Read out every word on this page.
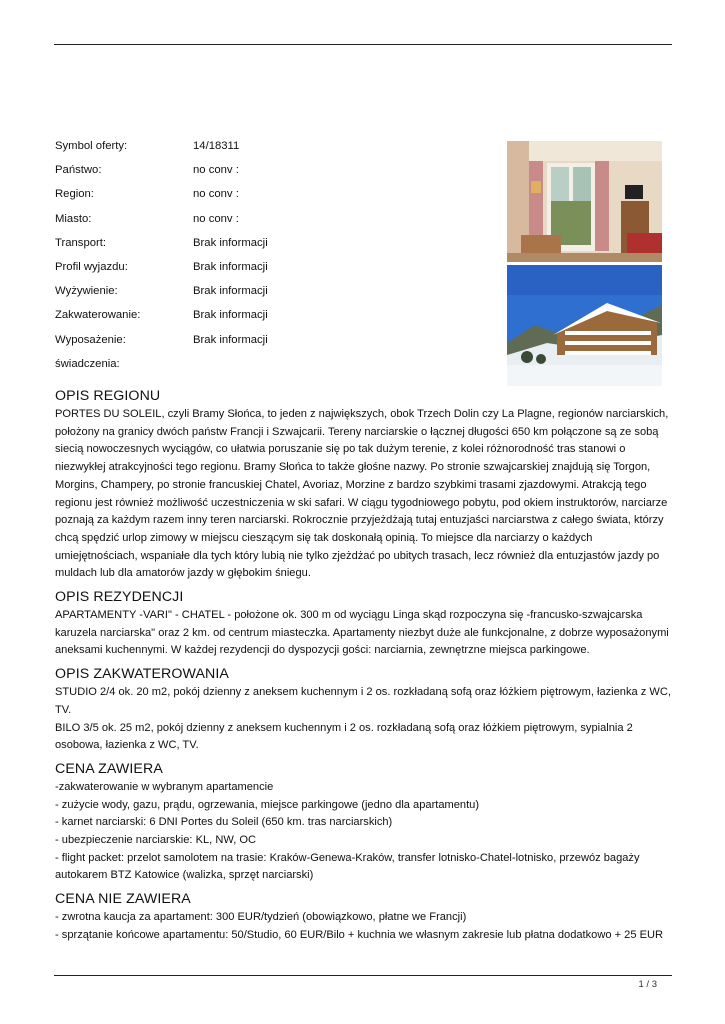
Symbol oferty:	14/18311
Państwo:	no conv :
Region:	no conv :
Miasto:	no conv :
Transport:	Brak informacji
Profil wyjazdu:	Brak informacji
Wyżywienie:	Brak informacji
Zakwaterowanie:	Brak informacji
Wyposażenie:	Brak informacji
świadczenia:
OPIS REGIONU

PORTES DU SOLEIL, czyli Bramy Słońca, to jeden z największych, obok Trzech Dolin czy La Plagne, regionów narciarskich, położony na granicy dwóch państw Francji i Szwajcarii. Tereny narciarskie o łącznej długości 650 km połączone są ze sobą siecią nowoczesnych wyciągów, co ułatwia poruszanie się po tak dużym terenie, z kolei różnorodność tras stanowi o niezwykłej atrakcyjności tego regionu. Bramy Słońca to także głośne nazwy. Po stronie szwajcarskiej znajdują się Torgon, Morgins, Champery, po stronie francuskiej Chatel, Avoriaz, Morzine z bardzo szybkimi trasami zjazdowymi. Atrakcją tego regionu jest również możliwość uczestniczenia w ski safari. W ciągu tygodniowego pobytu, pod okiem instruktorów, narciarze poznają za każdym razem inny teren narciarski. Rokrocznie przyjeżdżają tutaj entuzjaści narciarstwa z całego świata, którzy chcą spędzić urlop zimowy w miejscu cieszącym się tak doskonałą opinią. To miejsce dla narciarzy o każdych umiejętnościach, wspaniałe dla tych który lubią nie tylko zjeżdżać po ubitych trasach, lecz również dla entuzjastów jazdy po muldach lub dla amatorów jazdy w głębokim śniegu.

OPIS REZYDENCJI

APARTAMENTY -VARI" - CHATEL - położone ok. 300 m od wyciągu Linga skąd rozpoczyna się -francusko-szwajcarska karuzela narciarska" oraz 2 km. od centrum miasteczka. Apartamenty niezbyt duże ale funkcjonalne, z dobrze wyposażonymi aneksami kuchennymi. W każdej rezydencji do dyspozycji gości: narciarnia, zewnętrzne miejsca parkingowe.

OPIS ZAKWATEROWANIA

STUDIO 2/4 ok. 20 m2, pokój dzienny z aneksem kuchennym i 2 os. rozkładaną sofą oraz łóżkiem piętrowym, łazienka z WC, TV.

BILO 3/5 ok. 25 m2, pokój dzienny z aneksem kuchennym i 2 os. rozkładaną sofą oraz łóżkiem piętrowym, sypialnia 2 osobowa, łazienka z WC, TV.

CENA ZAWIERA
-zakwaterowanie w wybranym apartamencie
- zużycie wody, gazu, prądu, ogrzewania, miejsce parkingowe (jedno dla apartamentu)
- karnet narciarski: 6 DNI Portes du Soleil (650 km. tras narciarskich)
- ubezpieczenie narciarskie: KL, NW, OC

- flight packet: przelot samolotem na trasie: Kraków-Genewa-Kraków, transfer lotnisko-Chatel-lotnisko, przewóz bagaży autokarem BTZ Katowice (walizka, sprzęt narciarski)

CENA NIE ZAWIERA
- zwrotna kaucja za apartament: 300 EUR/tydzień (obowiązkowo, płatne we Francji)
- sprzątanie końcowe apartamentu: 50/Studio, 60 EUR/Bilo + kuchnia we własnym zakresie lub płatna dodatkowo + 25 EUR
1 / 3
